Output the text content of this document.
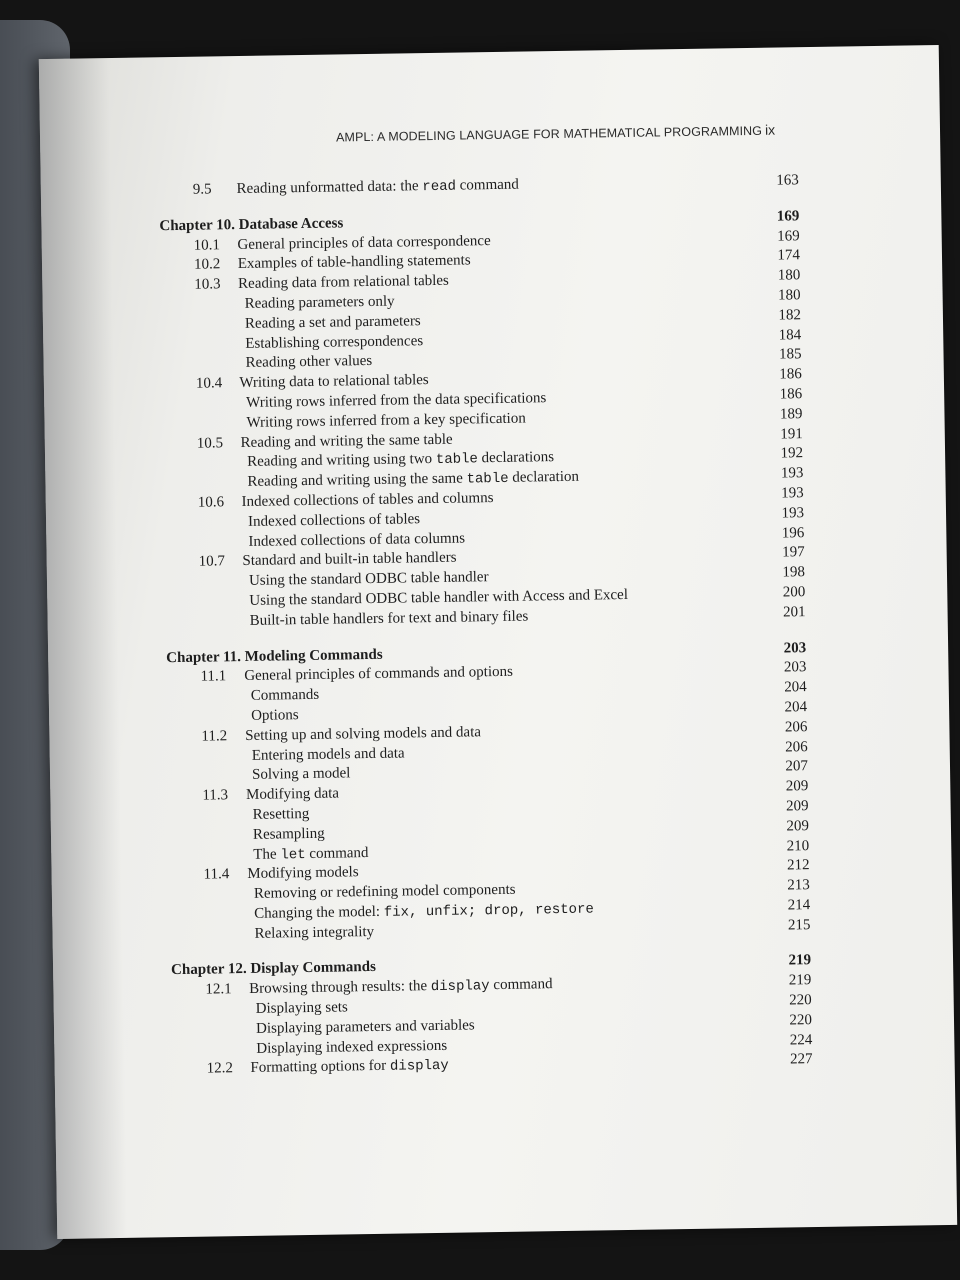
AMPL: A MODELING LANGUAGE FOR MATHEMATICAL PROGRAMMING ix
9.5 Reading unformatted data: the read command	163
Chapter 10. Database Access	169
10.1 General principles of data correspondence	169
10.2 Examples of table-handling statements	174
10.3 Reading data from relational tables	180
Reading parameters only	180
Reading a set and parameters	182
Establishing correspondences	184
Reading other values	185
10.4 Writing data to relational tables	186
Writing rows inferred from the data specifications	186
Writing rows inferred from a key specification	189
10.5 Reading and writing the same table	191
Reading and writing using two table declarations	192
Reading and writing using the same table declaration	193
10.6 Indexed collections of tables and columns	193
Indexed collections of tables	193
Indexed collections of data columns	196
10.7 Standard and built-in table handlers	197
Using the standard ODBC table handler	198
Using the standard ODBC table handler with Access and Excel	200
Built-in table handlers for text and binary files	201
Chapter 11. Modeling Commands	203
11.1 General principles of commands and options	203
Commands	204
Options	204
11.2 Setting up and solving models and data	206
Entering models and data	206
Solving a model	207
11.3 Modifying data	209
Resetting	209
Resampling	209
The let command	210
11.4 Modifying models	212
Removing or redefining model components	213
Changing the model: fix, unfix; drop, restore	214
Relaxing integrality	215
Chapter 12. Display Commands	219
12.1 Browsing through results: the display command	219
Displaying sets	220
Displaying parameters and variables	220
Displaying indexed expressions	224
12.2 Formatting options for display	227
